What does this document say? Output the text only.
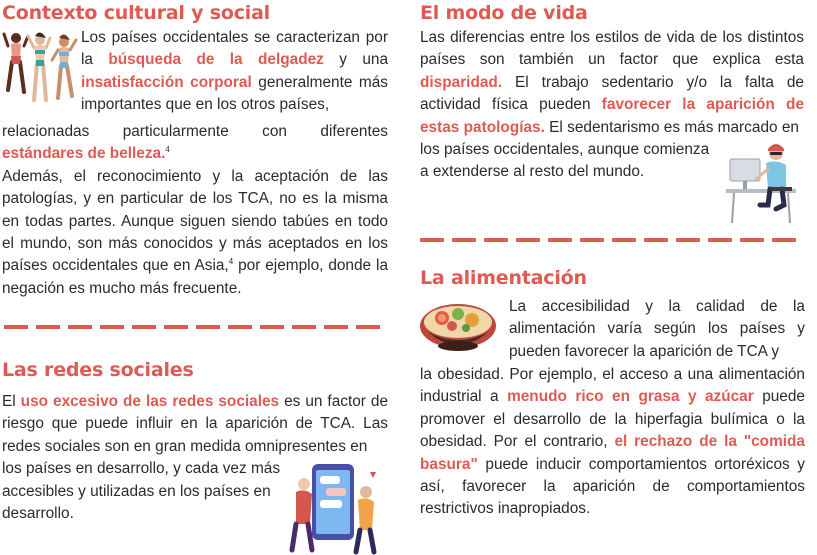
Contexto cultural y social
Los países occidentales se caracterizan por
la búsqueda de la delgadez y una
insatisfacción corporal generalmente más
importantes que en los otros países,
relacionadas particularmente con diferentes
estándares de belleza.$^4$
Además, el reconocimiento y la aceptación de las patologías, y en particular de los TCA, no es la misma en todas partes. Aunque siguen siendo tabúes en todo el mundo, son más conocidos y más aceptados en los países occidentales que en Asia,$^4$ por ejemplo, donde la negación es mucho más frecuente.
Las redes sociales
El uso excesivo de las redes sociales es un factor de riesgo que puede influir en la aparición de TCA. Las redes sociales son en gran medida omnipresentes en
los países en desarrollo, y cada vez más
accesibles y utilizadas en los países en
desarrollo.
El modo de vida
Las diferencias entre los estilos de vida de los distintos países son también un factor que explica esta disparidad. El trabajo sedentario y/o la falta de actividad física pueden favorecer la aparición de estas patologías. El sedentarismo es más marcado en
los países occidentales, aunque comienza
a extenderse al resto del mundo.
La alimentación
La accesibilidad y la calidad de la
alimentación varía según los países y
pueden favorecer la aparición de TCA y
la obesidad. Por ejemplo, el acceso a una alimentación industrial a menudo rico en grasa y azúcar puede promover el desarrollo de la hiperfagia bulímica o la obesidad. Por el contrario, el rechazo de la "comida basura" puede inducir comportamientos ortoréxicos y así, favorecer la aparición de comportamientos restrictivos inapropiados.
